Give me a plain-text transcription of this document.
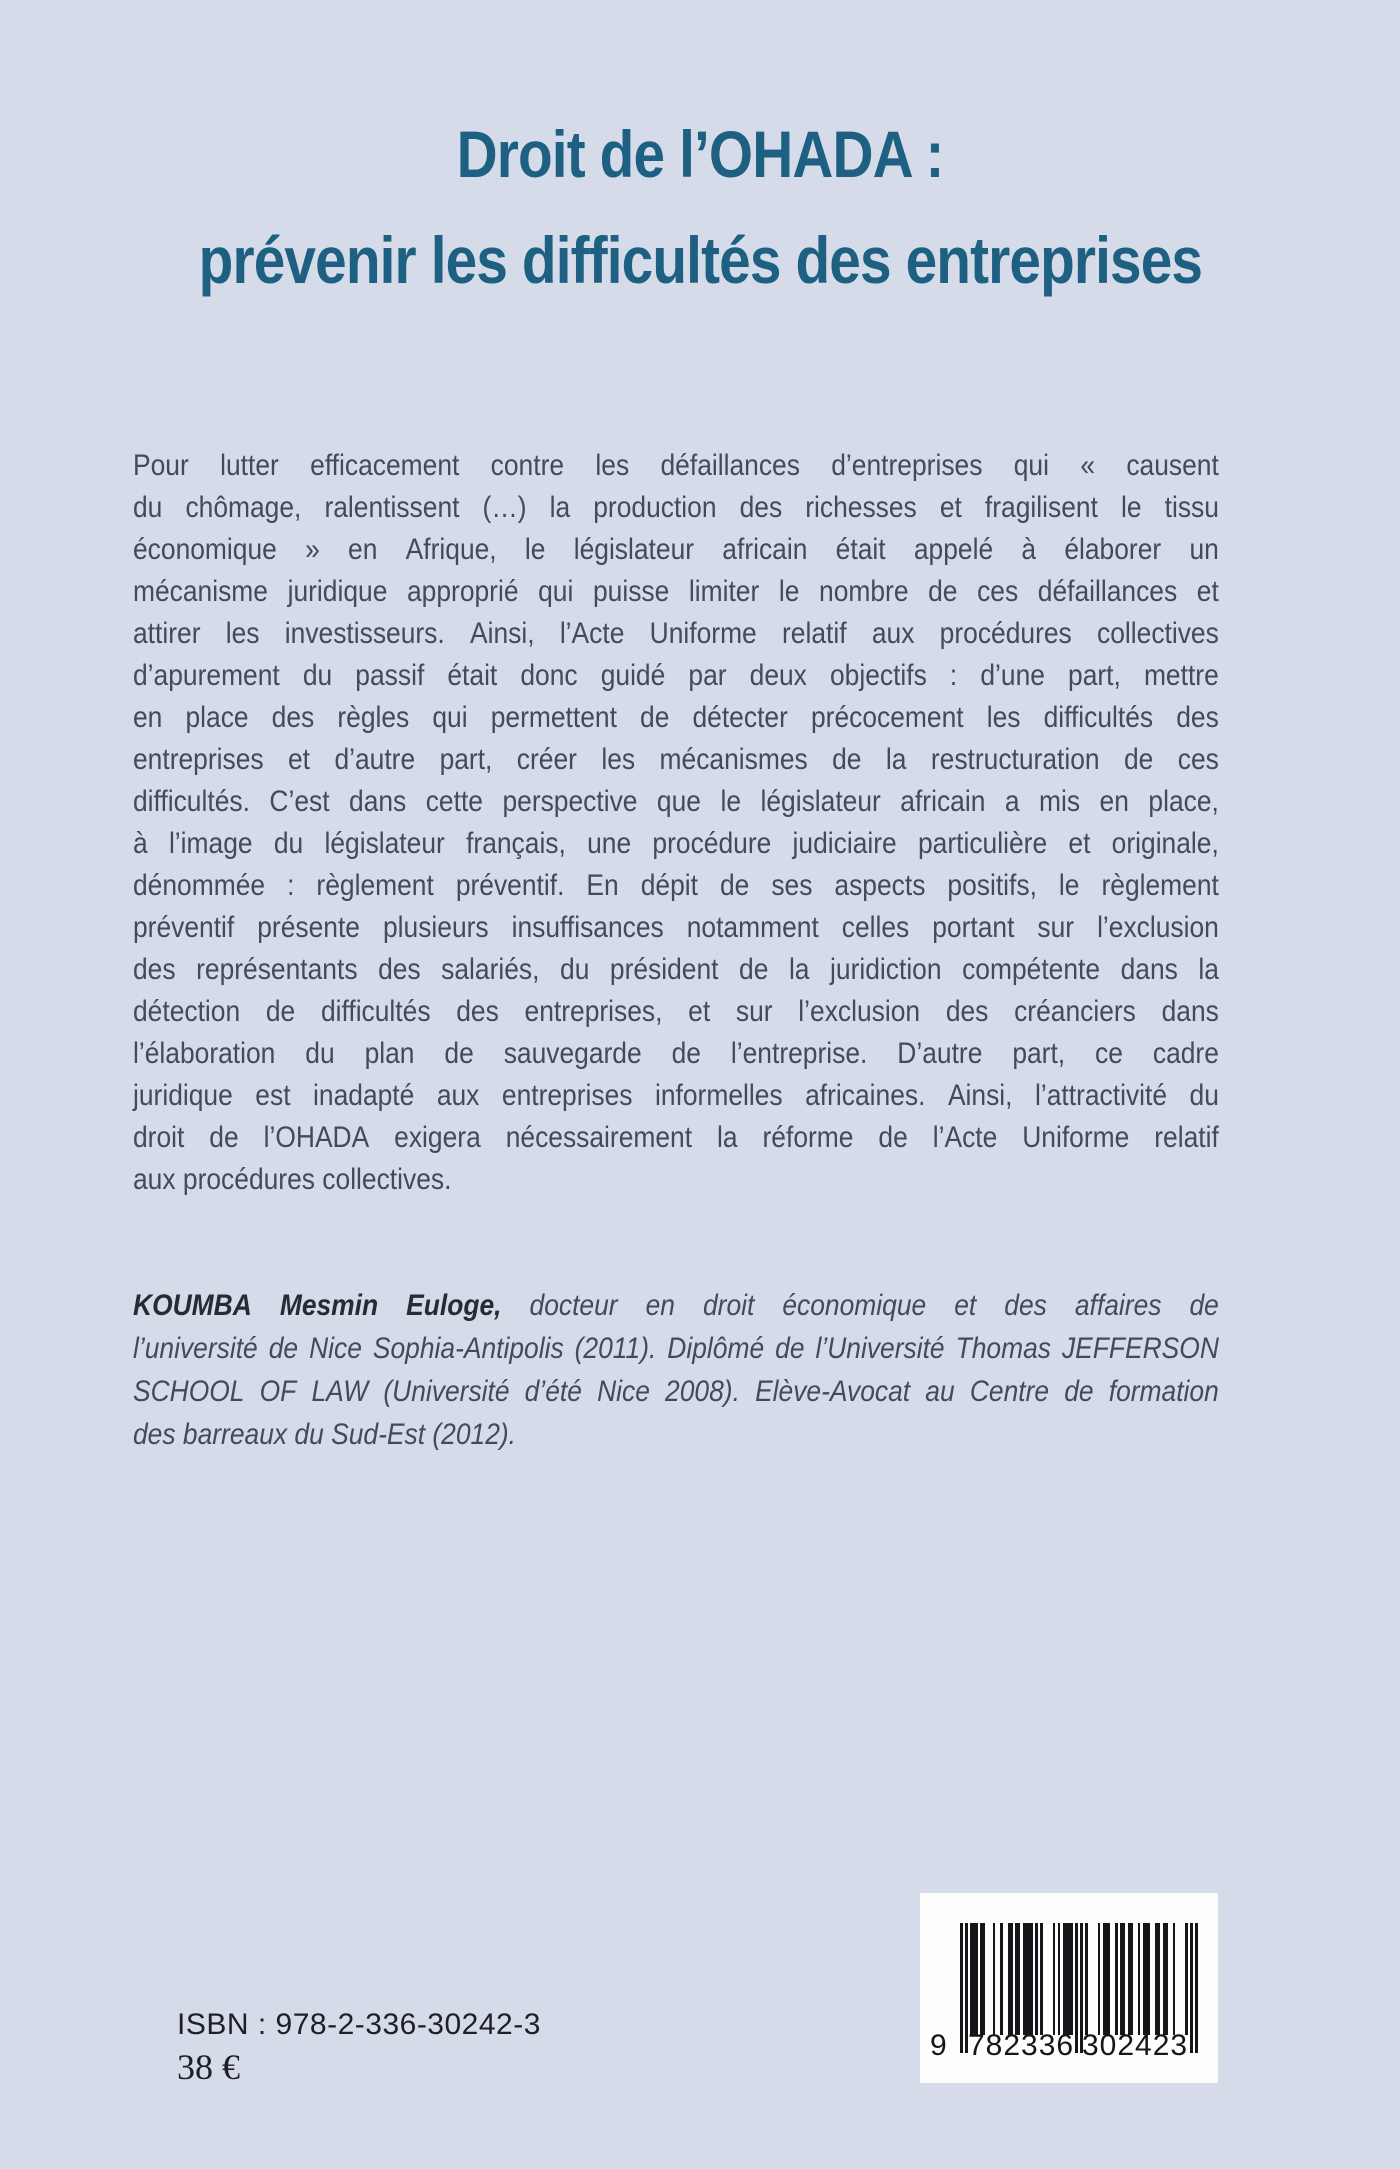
Droit de l’OHADA :
prévenir les difficultés des entreprises
Pour lutter efficacement contre les défaillances d’entreprises qui « causent
du chômage, ralentissent (…) la production des richesses et fragilisent le tissu
économique » en Afrique, le législateur africain était appelé à élaborer un
mécanisme juridique approprié qui puisse limiter le nombre de ces défaillances et
attirer les investisseurs. Ainsi, l’Acte Uniforme relatif aux procédures collectives
d’apurement du passif était donc guidé par deux objectifs : d’une part, mettre
en place des règles qui permettent de détecter précocement les difficultés des
entreprises et d’autre part, créer les mécanismes de la restructuration de ces
difficultés. C’est dans cette perspective que le législateur africain a mis en place,
à l’image du législateur français, une procédure judiciaire particulière et originale,
dénommée : règlement préventif. En dépit de ses aspects positifs, le règlement
préventif présente plusieurs insuffisances notamment celles portant sur l’exclusion
des représentants des salariés, du président de la juridiction compétente dans la
détection de difficultés des entreprises, et sur l’exclusion des créanciers dans
l’élaboration du plan de sauvegarde de l’entreprise. D’autre part, ce cadre
juridique est inadapté aux entreprises informelles africaines. Ainsi, l’attractivité du
droit de l’OHADA exigera nécessairement la réforme de l’Acte Uniforme relatif
aux procédures collectives.
KOUMBA Mesmin Euloge, docteur en droit économique et des affaires de
l’université de Nice Sophia-Antipolis (2011). Diplômé de l’Université Thomas JEFFERSON
SCHOOL OF LAW (Université d’été Nice 2008). Elève-Avocat au Centre de formation
des barreaux du Sud-Est (2012).
ISBN : 978-2-336-30242-3
38 €
9 782336 302423
